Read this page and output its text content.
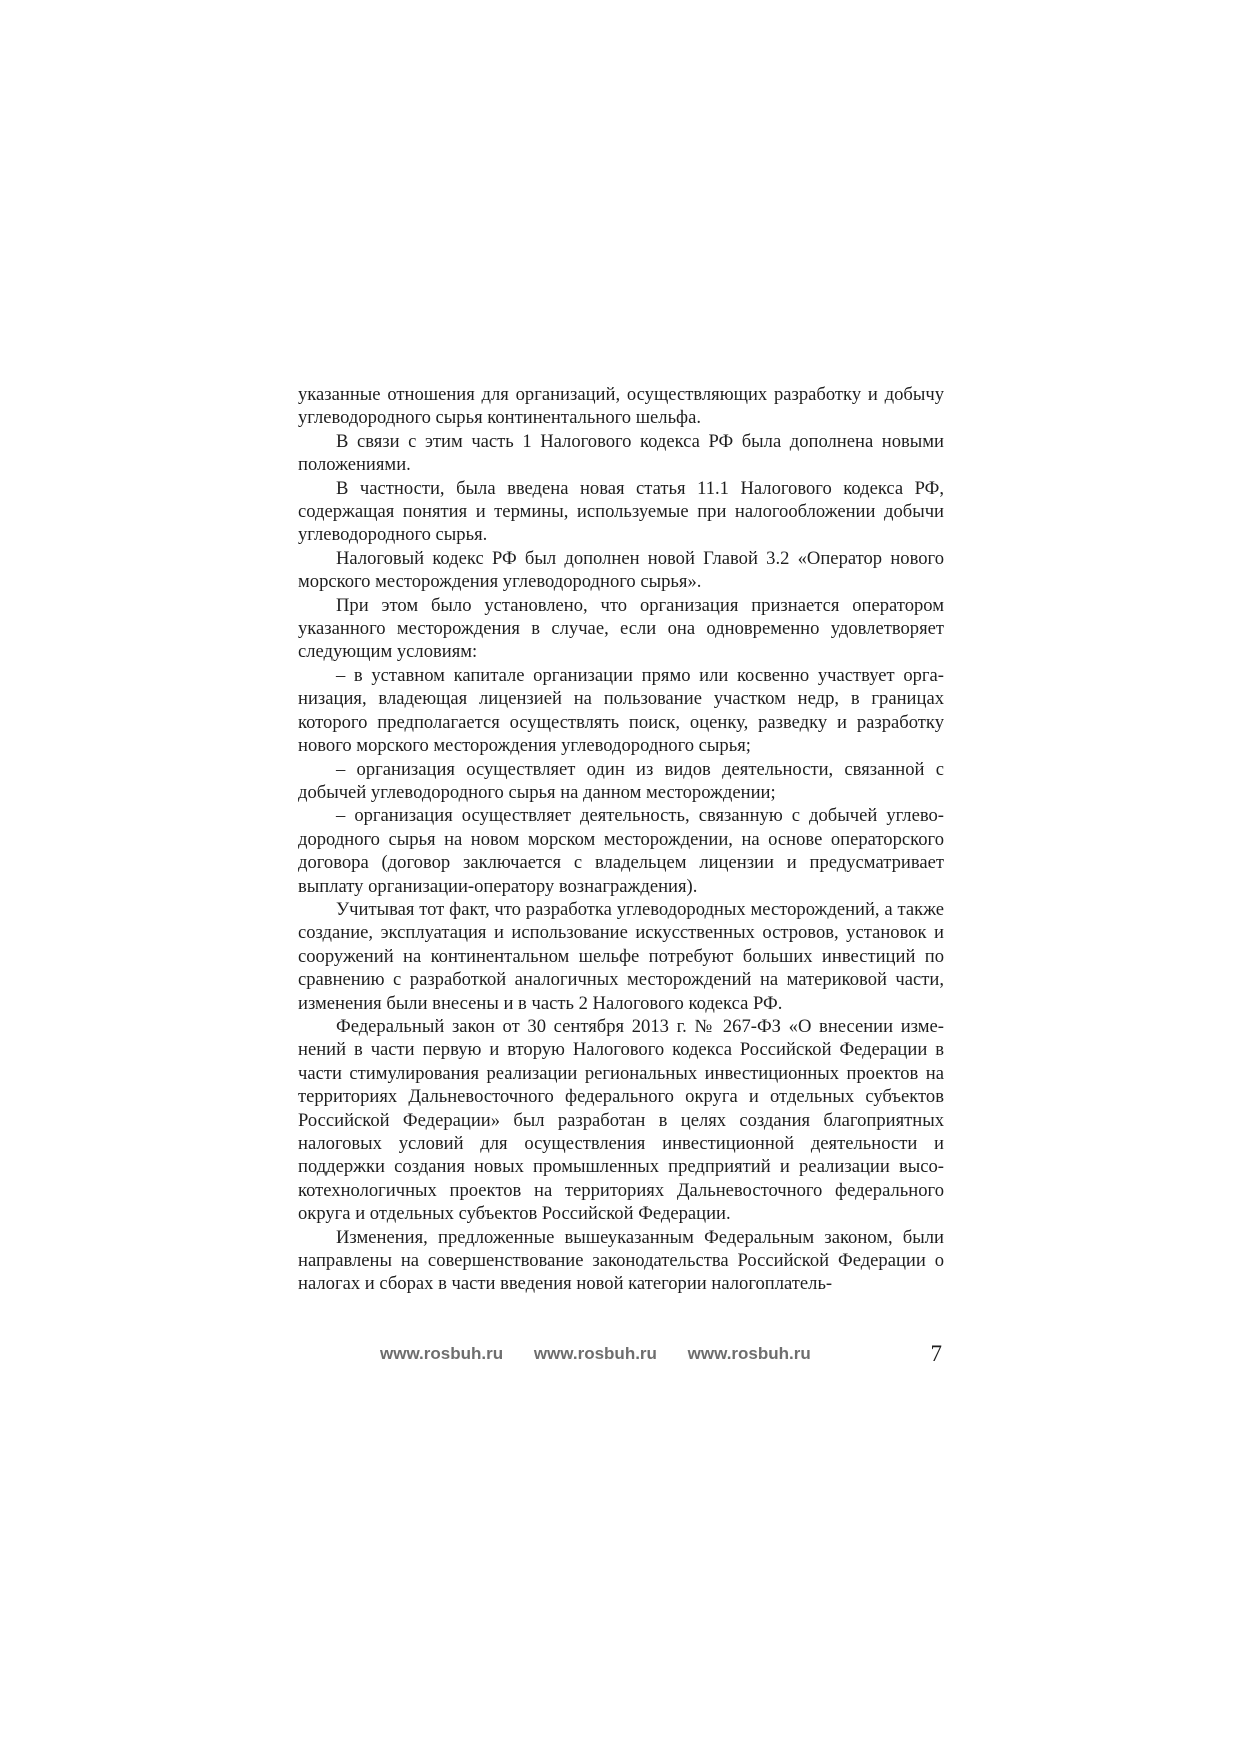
указанные отношения для организаций, осуществляющих разработку и добычу углеводородного сырья континентального шельфа.

В связи с этим часть 1 Налогового кодекса РФ была дополнена новыми положениями.

В частности, была введена новая статья 11.1 Налогового кодекса РФ, содержащая понятия и термины, используемые при налогообложении добычи углеводородного сырья.

Налоговый кодекс РФ был дополнен новой Главой 3.2 «Оператор нового морского месторождения углеводородного сырья».

При этом было установлено, что организация признается оператором указанного месторождения в случае, если она одновременно удовлетворяет следующим условиям:

– в уставном капитале организации прямо или косвенно участвует организация, владеющая лицензией на пользование участком недр, в границах которого предполагается осуществлять поиск, оценку, разведку и разработку нового морского месторождения углеводородного сырья;

– организация осуществляет один из видов деятельности, связанной с добычей углеводородного сырья на данном месторождении;

– организация осуществляет деятельность, связанную с добычей углеводородного сырья на новом морском месторождении, на основе операторского договора (договор заключается с владельцем лицензии и предусматривает выплату организации-оператору вознаграждения).

Учитывая тот факт, что разработка углеводородных месторождений, а также создание, эксплуатация и использование искусственных островов, установок и сооружений на континентальном шельфе потребуют больших инвестиций по сравнению с разработкой аналогичных месторождений на материковой части, изменения были внесены и в часть 2 Налогового кодекса РФ.

Федеральный закон от 30 сентября 2013 г. № 267-ФЗ «О внесении изменений в части первую и вторую Налогового кодекса Российской Федерации в части стимулирования реализации региональных инвестиционных проектов на территориях Дальневосточного федерального округа и отдельных субъектов Российской Федерации» был разработан в целях создания благоприятных налоговых условий для осуществления инвестиционной деятельности и поддержки создания новых промышленных предприятий и реализации высокотехнологичных проектов на территориях Дальневосточного федерального округа и отдельных субъектов Российской Федерации.

Изменения, предложенные вышеуказанным Федеральным законом, были направлены на совершенствование законодательства Российской Федерации о налогах и сборах в части введения новой категории налогоплатель-

www.rosbuh.ru www.rosbuh.ru www.rosbuh.ru	7
